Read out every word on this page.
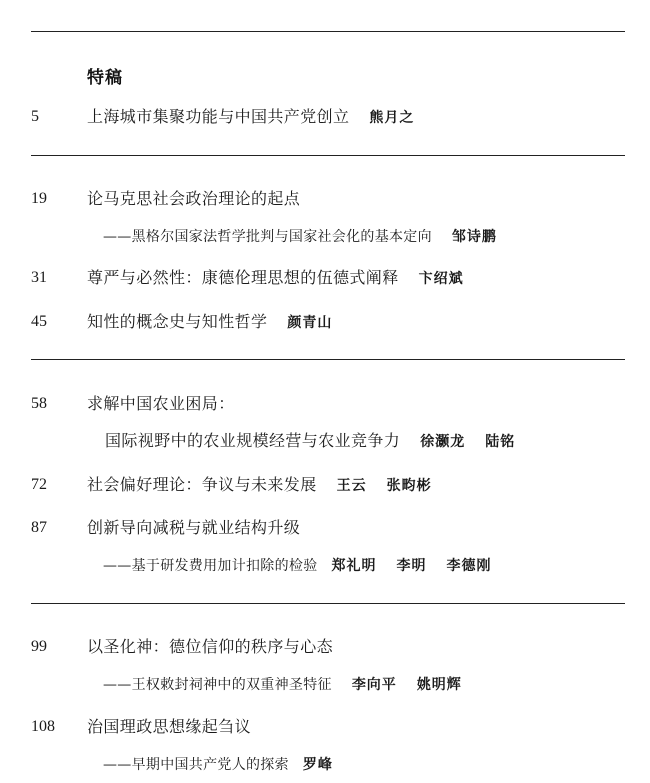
特稿
5	上海城市集聚功能与中国共产党创立 熊月之
19	论马克思社会政治理论的起点
——黑格尔国家法哲学批判与国家社会化的基本定向 邹诗鹏
31	尊严与必然性：康德伦理思想的伍德式阐释 卞绍斌
45	知性的概念史与知性哲学 颜青山
58	求解中国农业困局：
国际视野中的农业规模经营与农业竞争力 徐灏龙 陆铭
72	社会偏好理论：争议与未来发展 王云 张畇彬
87	创新导向减税与就业结构升级
——基于研发费用加计扣除的检验 郑礼明 李明 李德刚
99	以圣化神：德位信仰的秩序与心态
——王权敕封祠神中的双重神圣特征 李向平 姚明辉
108 治国理政思想缘起刍议
——早期中国共产党人的探索 罗峰
